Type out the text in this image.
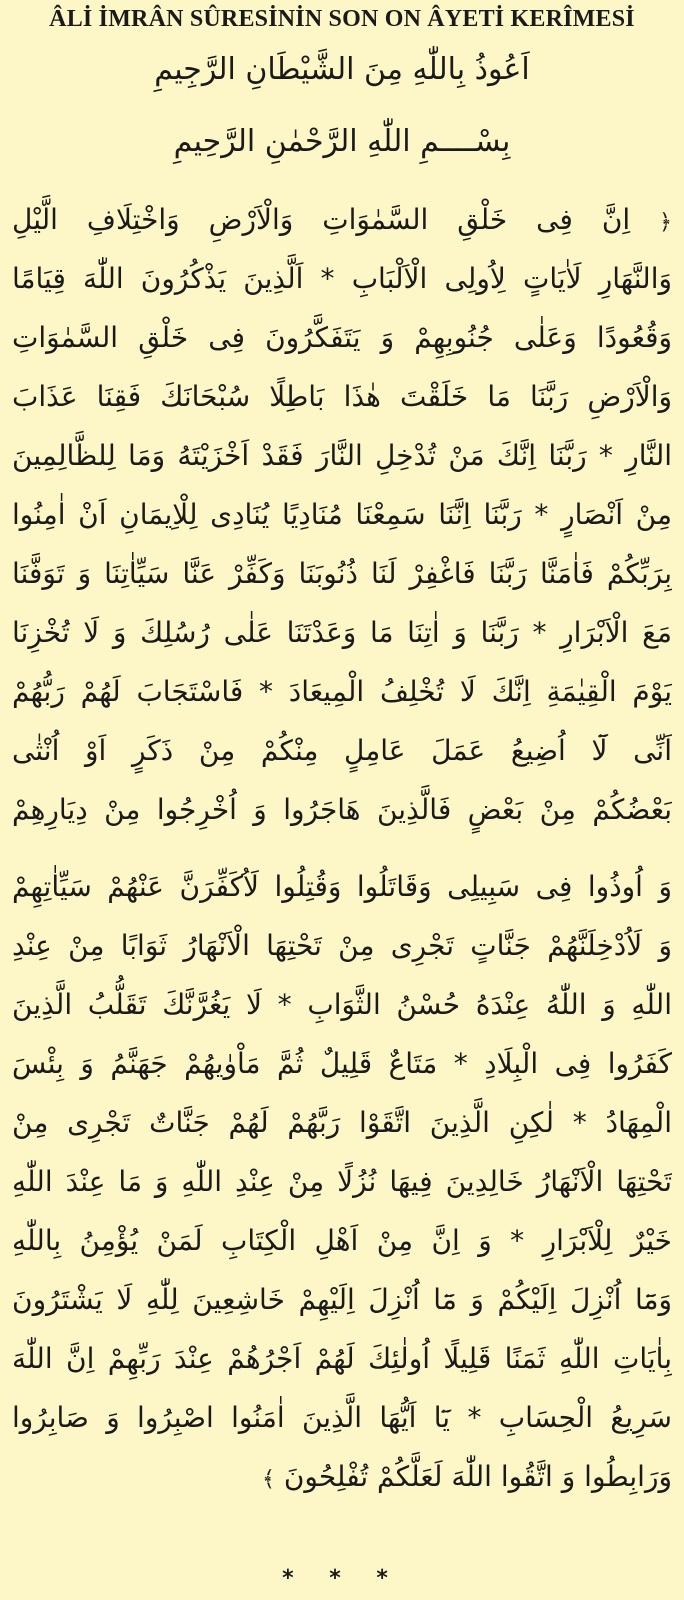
ÂLİ İMRÂN SÛRESİNİN SON ON ÂYETİ KERÎMESİ
اَعُوذُ بِاللّٰهِ مِنَ الشَّيْطَانِ الرَّجِيمِ
بِسْــــمِ اللّٰهِ الرَّحْمٰنِ الرَّحِيمِ
﴿ اِنَّ فِى خَلْقِ السَّمٰوَاتِ وَالْاَرْضِ وَاخْتِلَافِ الَّيْلِ
وَالنَّهَارِ لَاٰيَاتٍ لِاُولِى الْاَلْبَابِ * اَلَّذِينَ يَذْكُرُونَ اللّٰهَ قِيَامًا
وَقُعُودًا وَعَلٰى جُنُوبِهِمْ وَ يَتَفَكَّرُونَ فِى خَلْقِ السَّمٰوَاتِ
وَالْاَرْضِ رَبَّنَا مَا خَلَقْتَ هٰذَا بَاطِلًا سُبْحَانَكَ فَقِنَا عَذَابَ
النَّارِ * رَبَّنَا اِنَّكَ مَنْ تُدْخِلِ النَّارَ فَقَدْ اَخْزَيْتَهُ وَمَا لِلظَّالِمِينَ
مِنْ اَنْصَارٍ * رَبَّنَا اِنَّنَا سَمِعْنَا مُنَادِيًا يُنَادِى لِلْاِيمَانِ اَنْ اٰمِنُوا
بِرَبِّكُمْ فَاٰمَنَّا رَبَّنَا فَاغْفِرْ لَنَا ذُنُوبَنَا وَكَفِّرْ عَنَّا سَيِّاٰتِنَا وَ تَوَفَّنَا
مَعَ الْاَبْرَارِ * رَبَّنَا وَ اٰتِنَا مَا وَعَدْتَنَا عَلٰى رُسُلِكَ وَ لَا تُخْزِنَا
يَوْمَ الْقِيٰمَةِ اِنَّكَ لَا تُخْلِفُ الْمِيعَادَ * فَاسْتَجَابَ لَهُمْ رَبُّهُمْ
اَنِّى لَٓا اُضِيعُ عَمَلَ عَامِلٍ مِنْكُمْ مِنْ ذَكَرٍ اَوْ اُنْثٰى
بَعْضُكُمْ مِنْ بَعْضٍ فَالَّذِينَ هَاجَرُوا وَ اُخْرِجُوا مِنْ دِيَارِهِمْ
وَ اُوذُوا فِى سَبِيلِى وَقَاتَلُوا وَقُتِلُوا لَاُكَفِّرَنَّ عَنْهُمْ سَيِّاٰتِهِمْ
وَ لَاُدْخِلَنَّهُمْ جَنَّاتٍ تَجْرِى مِنْ تَحْتِهَا الْاَنْهَارُ ثَوَابًا مِنْ عِنْدِ
اللّٰهِ وَ اللّٰهُ عِنْدَهُ حُسْنُ الثَّوَابِ * لَا يَغُرَّنَّكَ تَقَلُّبُ الَّذِينَ
كَفَرُوا فِى الْبِلَادِ * مَتَاعٌ قَلِيلٌ ثُمَّ مَاْوٰيهُمْ جَهَنَّمُ وَ بِئْسَ
الْمِهَادُ * لٰكِنِ الَّذِينَ اتَّقَوْا رَبَّهُمْ لَهُمْ جَنَّاتٌ تَجْرِى مِنْ
تَحْتِهَا الْاَنْهَارُ خَالِدِينَ فِيهَا نُزُلًا مِنْ عِنْدِ اللّٰهِ وَ مَا عِنْدَ اللّٰهِ
خَيْرٌ لِلْاَبْرَارِ * وَ اِنَّ مِنْ اَهْلِ الْكِتَابِ لَمَنْ يُؤْمِنُ بِاللّٰهِ
وَمَٓا اُنْزِلَ اِلَيْكُمْ وَ مَٓا اُنْزِلَ اِلَيْهِمْ خَاشِعِينَ لِلّٰهِ لَا يَشْتَرُونَ
بِاٰيَاتِ اللّٰهِ ثَمَنًا قَلِيلًا اُولٰئِكَ لَهُمْ اَجْرُهُمْ عِنْدَ رَبِّهِمْ اِنَّ اللّٰهَ
سَرِيعُ الْحِسَابِ * يَٓا اَيُّهَا الَّذِينَ اٰمَنُوا اصْبِرُوا وَ صَابِرُوا
وَرَابِطُوا وَ اتَّقُوا اللّٰهَ لَعَلَّكُمْ تُفْلِحُونَ ﴾
* * *
